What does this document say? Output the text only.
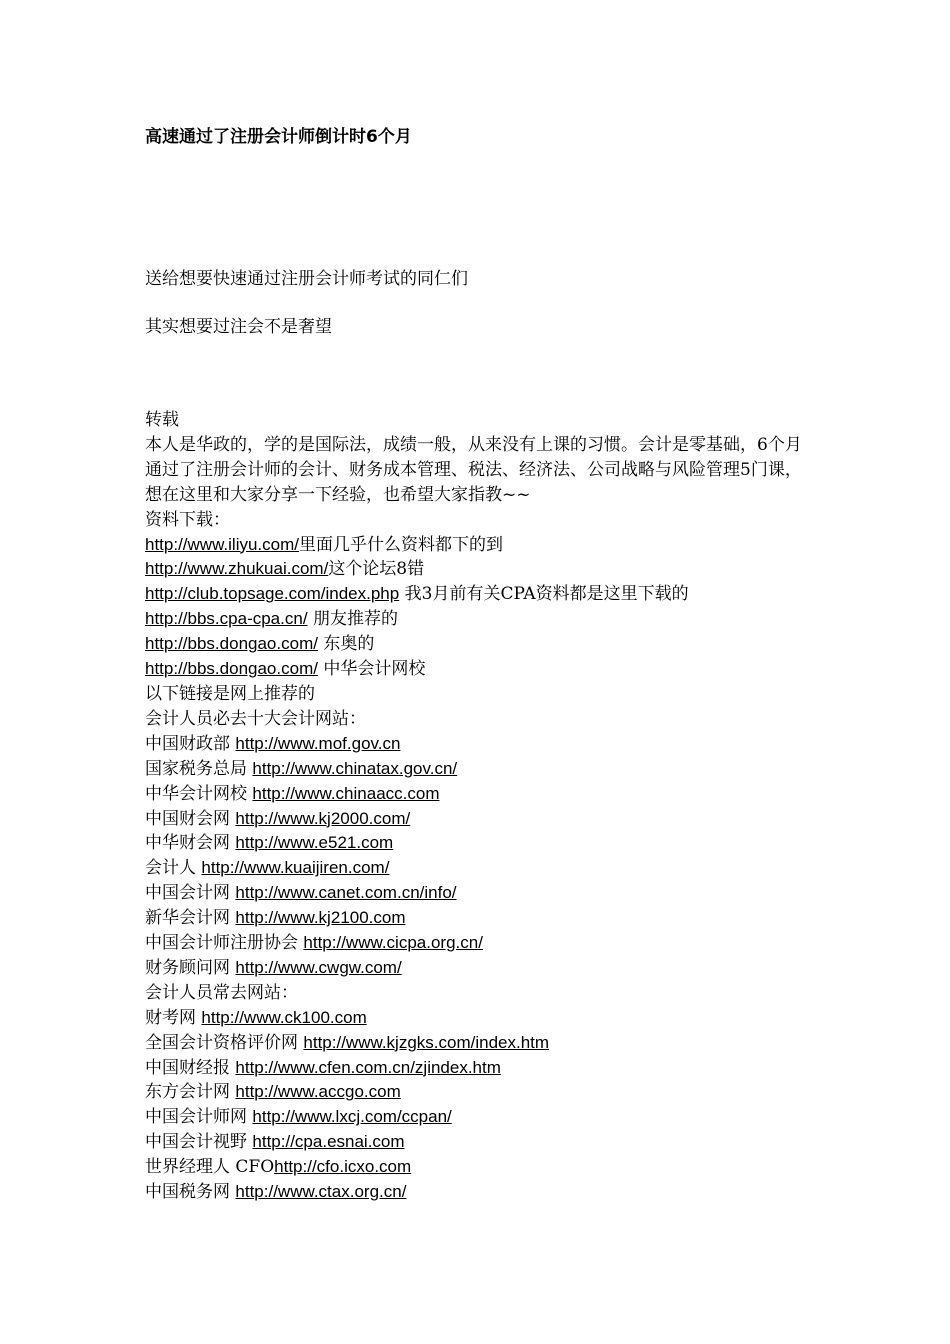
高速通过了注册会计师倒计时6个月
送给想要快速通过注册会计师考试的同仁们
其实想要过注会不是奢望
转载
本人是华政的，学的是国际法，成绩一般，从来没有上课的习惯。会计是零基础，6个月通过了注册会计师的会计、财务成本管理、税法、经济法、公司战略与风险管理5门课，想在这里和大家分享一下经验，也希望大家指教~~
资料下载：
http://www.iliyu.com/里面几乎什么资料都下的到
http://www.zhukuai.com/这个论坛8错
http://club.topsage.com/index.php 我3月前有关CPA资料都是这里下载的
http://bbs.cpa-cpa.cn/ 朋友推荐的
http://bbs.dongao.com/ 东奥的
http://bbs.dongao.com/ 中华会计网校
以下链接是网上推荐的
会计人员必去十大会计网站：
中国财政部 http://www.mof.gov.cn
国家税务总局 http://www.chinatax.gov.cn/
中华会计网校 http://www.chinaacc.com
中国财会网 http://www.kj2000.com/
中华财会网 http://www.e521.com
会计人 http://www.kuaijiren.com/
中国会计网 http://www.canet.com.cn/info/
新华会计网 http://www.kj2100.com
中国会计师注册协会 http://www.cicpa.org.cn/
财务顾问网 http://www.cwgw.com/
会计人员常去网站：
财考网 http://www.ck100.com
全国会计资格评价网 http://www.kjzgks.com/index.htm
中国财经报 http://www.cfen.com.cn/zjindex.htm
东方会计网 http://www.accgo.com
中国会计师网 http://www.lxcj.com/ccpan/
中国会计视野 http://cpa.esnai.com
世界经理人 CFOhttp://cfo.icxo.com
中国税务网 http://www.ctax.org.cn/
